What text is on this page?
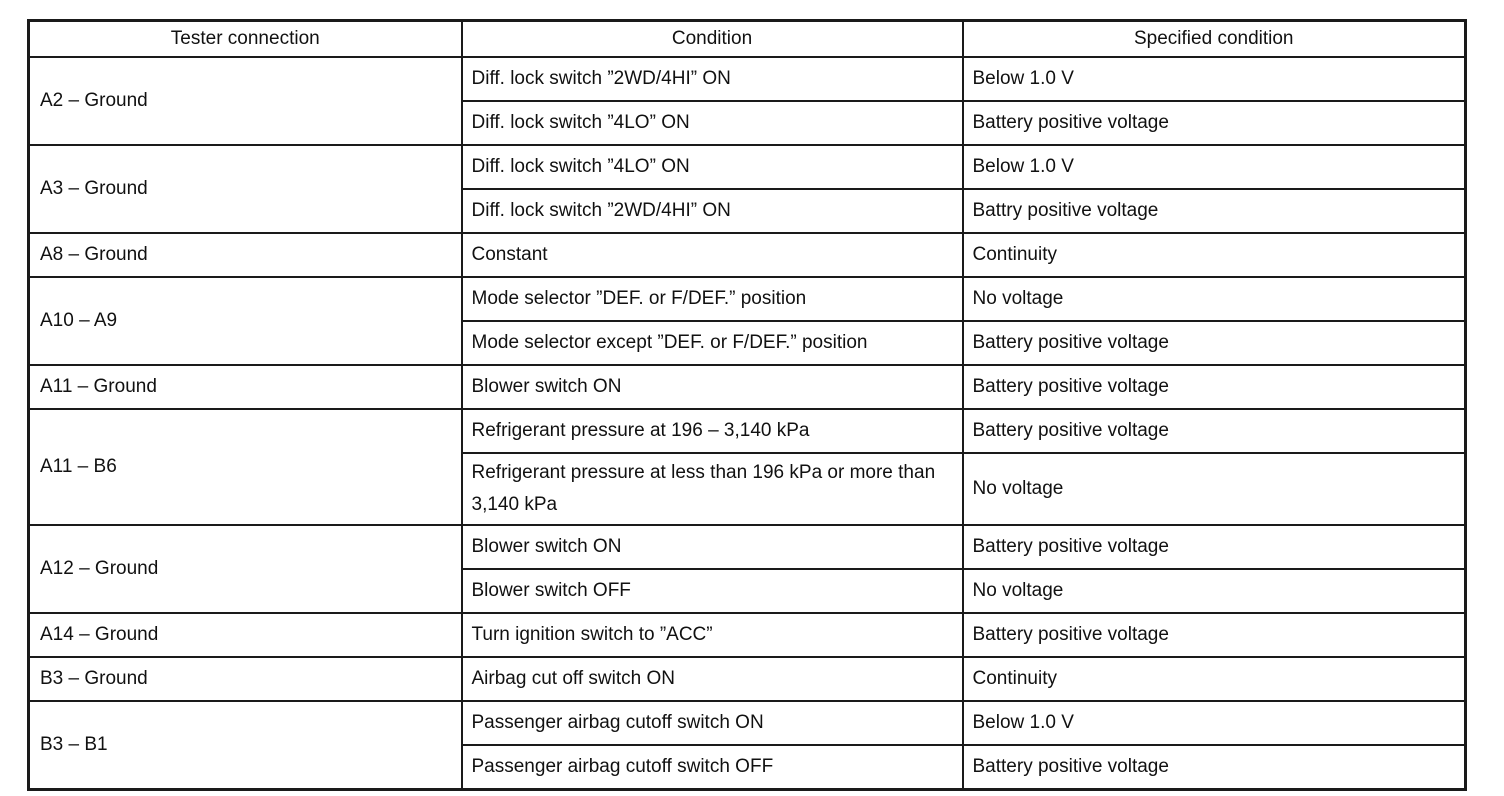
Tester connection	Condition	Specified condition
A2 – Ground	Diff. lock switch ”2WD/4HI” ON	Below 1.0 V
	Diff. lock switch ”4LO” ON	Battery positive voltage
A3 – Ground	Diff. lock switch ”4LO” ON	Below 1.0 V
	Diff. lock switch ”2WD/4HI” ON	Battry positive voltage
A8 – Ground	Constant	Continuity
A10 – A9	Mode selector ”DEF. or F/DEF.” position	No voltage
	Mode selector except ”DEF. or F/DEF.” position	Battery positive voltage
A11 – Ground	Blower switch ON	Battery positive voltage
A11 – B6	Refrigerant pressure at 196 – 3,140 kPa	Battery positive voltage
	Refrigerant pressure at less than 196 kPa or more than 3,140 kPa	No voltage
A12 – Ground	Blower switch ON	Battery positive voltage
	Blower switch OFF	No voltage
A14 – Ground	Turn ignition switch to ”ACC”	Battery positive voltage
B3 – Ground	Airbag cut off switch ON	Continuity
B3 – B1	Passenger airbag cutoff switch ON	Below 1.0 V
	Passenger airbag cutoff switch OFF	Battery positive voltage
